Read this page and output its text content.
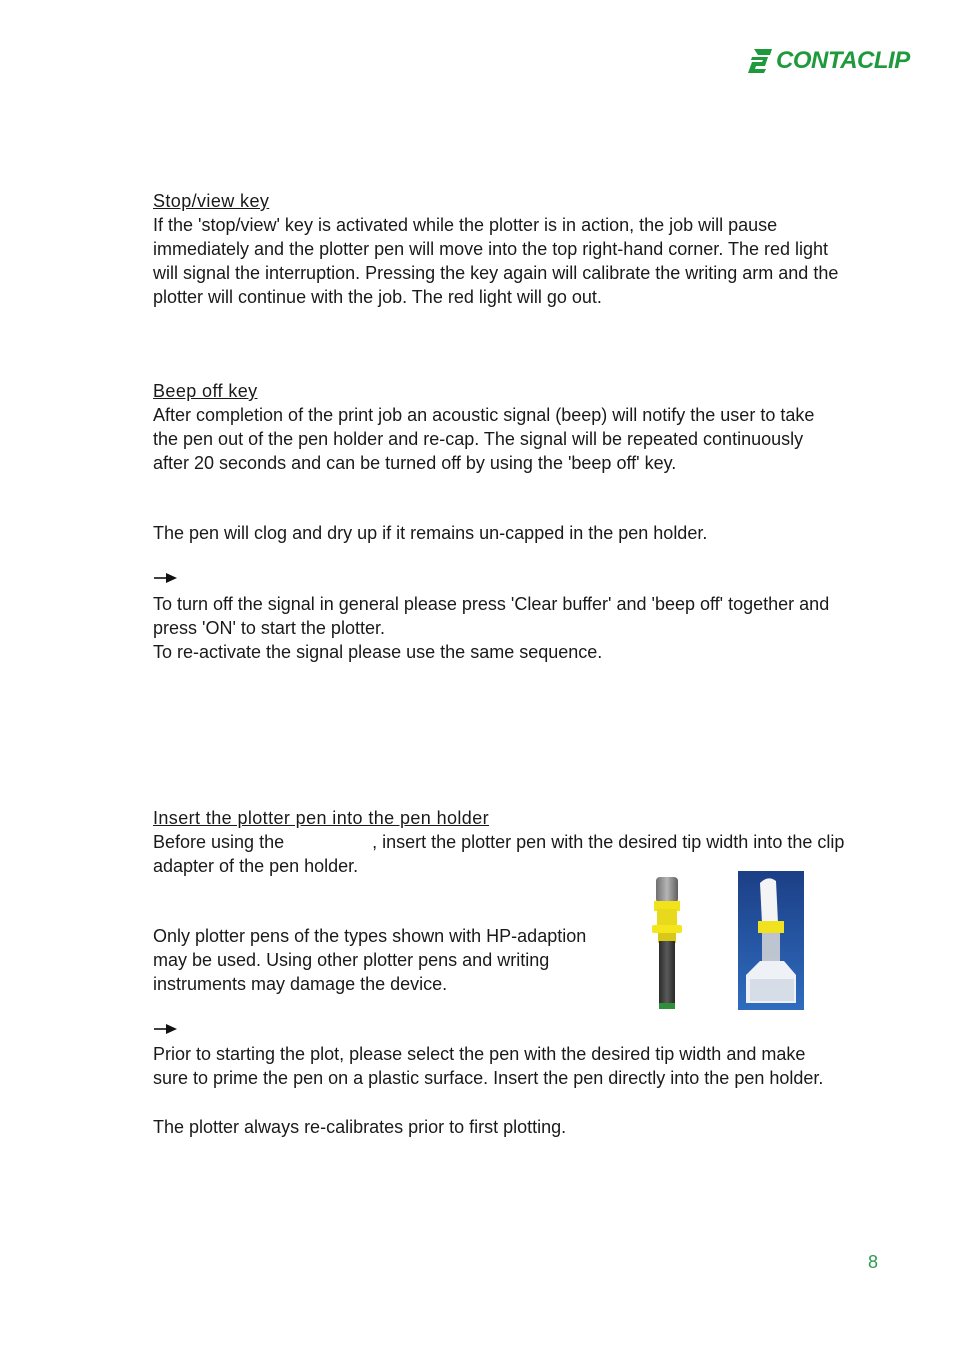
CONTACLIP
Stop/view key
If the 'stop/view' key is activated while the plotter is in action, the job will pause
immediately and the plotter pen will move into the top right-hand corner. The red light
will signal the interruption. Pressing the key again will calibrate the writing arm and the
plotter will continue with the job. The red light will go out.
Beep off key
After completion of the print job an acoustic signal (beep) will notify the user to take
the pen out of the pen holder and re-cap. The signal will be repeated continuously
after 20 seconds and can be turned off by using the 'beep off' key.
The pen will clog and dry up if it remains un-capped in the pen holder.
To turn off the signal in general please press 'Clear buffer' and 'beep off' together and
press 'ON' to start the plotter.
To re-activate the signal please use the same sequence.
Insert the plotter pen into the pen holder
Before using the	, insert the plotter pen with the desired tip width into the clip
adapter of the pen holder.
Only plotter pens of the types shown with HP-adaption
may be used. Using other plotter pens and writing
instruments may damage the device.
Prior to starting the plot, please select the pen with the desired tip width and make
sure to prime the pen on a plastic surface. Insert the pen directly into the pen holder.
The plotter always re-calibrates prior to first plotting.
8
